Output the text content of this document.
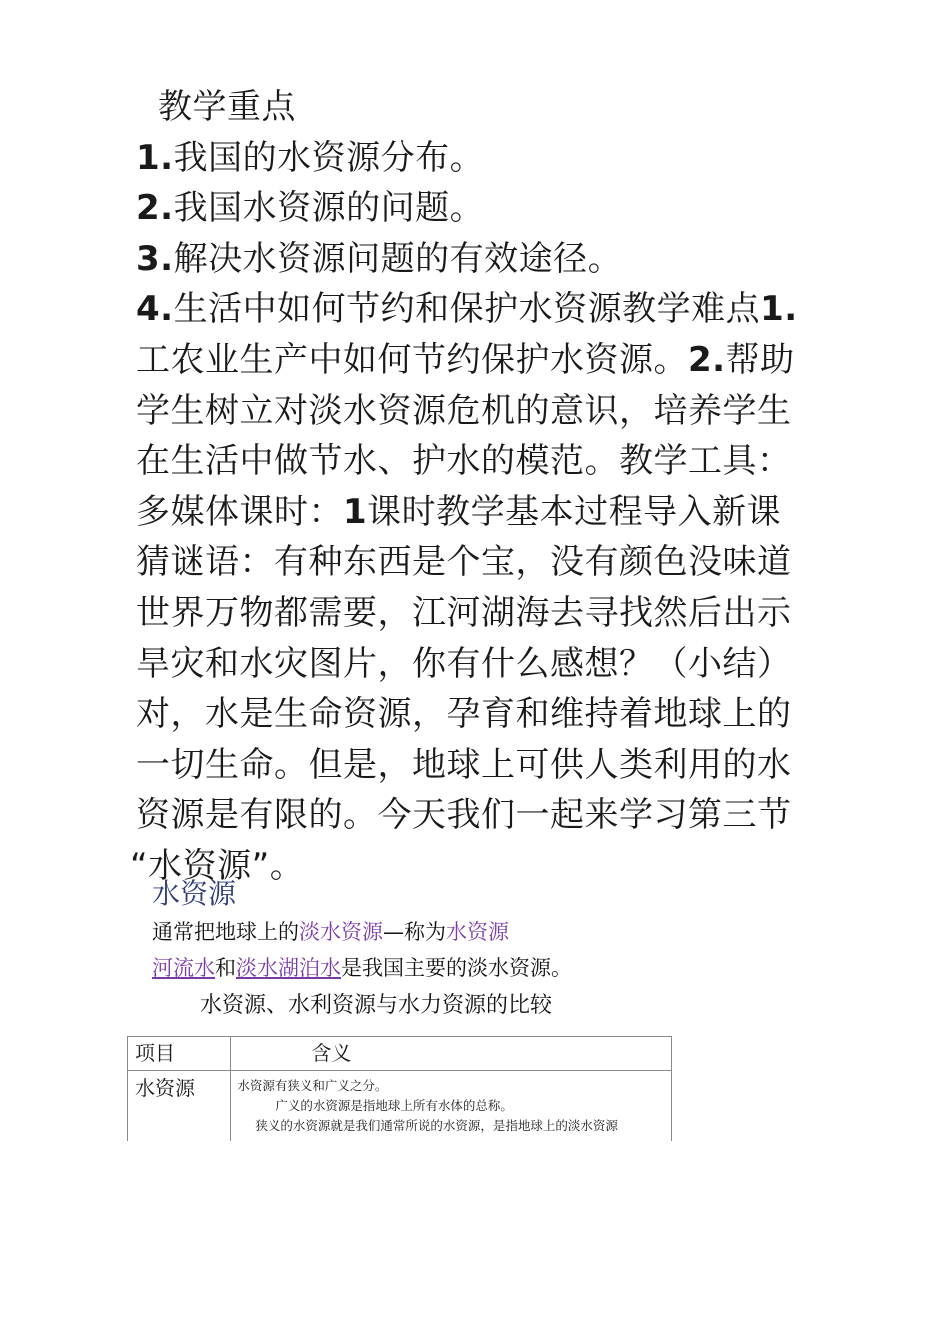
教学重点
1.我国的水资源分布。
2.我国水资源的问题。
3.解决水资源问题的有效途径。
4.生活中如何节约和保护水资源教学难点1.
工农业生产中如何节约保护水资源。2.帮助
学生树立对淡水资源危机的意识，培养学生
在生活中做节水、护水的模范。教学工具：
多媒体课时：1课时教学基本过程导入新课
猜谜语：有种东西是个宝，没有颜色没味道
世界万物都需要，江河湖海去寻找然后出示
旱灾和水灾图片，你有什么感想？（小结）
对，水是生命资源，孕育和维持着地球上的
一切生命。但是，地球上可供人类利用的水
资源是有限的。今天我们一起来学习第三节
“水资源”。
水资源
通常把地球上的淡水资源—称为水资源
河流水和淡水湖泊水是我国主要的淡水资源。
水资源、水利资源与水力资源的比较
项目	含义

水资源	水资源有狭义和广义之分。
广义的水资源是指地球上所有水体的总称。
狭义的水资源就是我们通常所说的水资源，是指地球上的淡水资源
